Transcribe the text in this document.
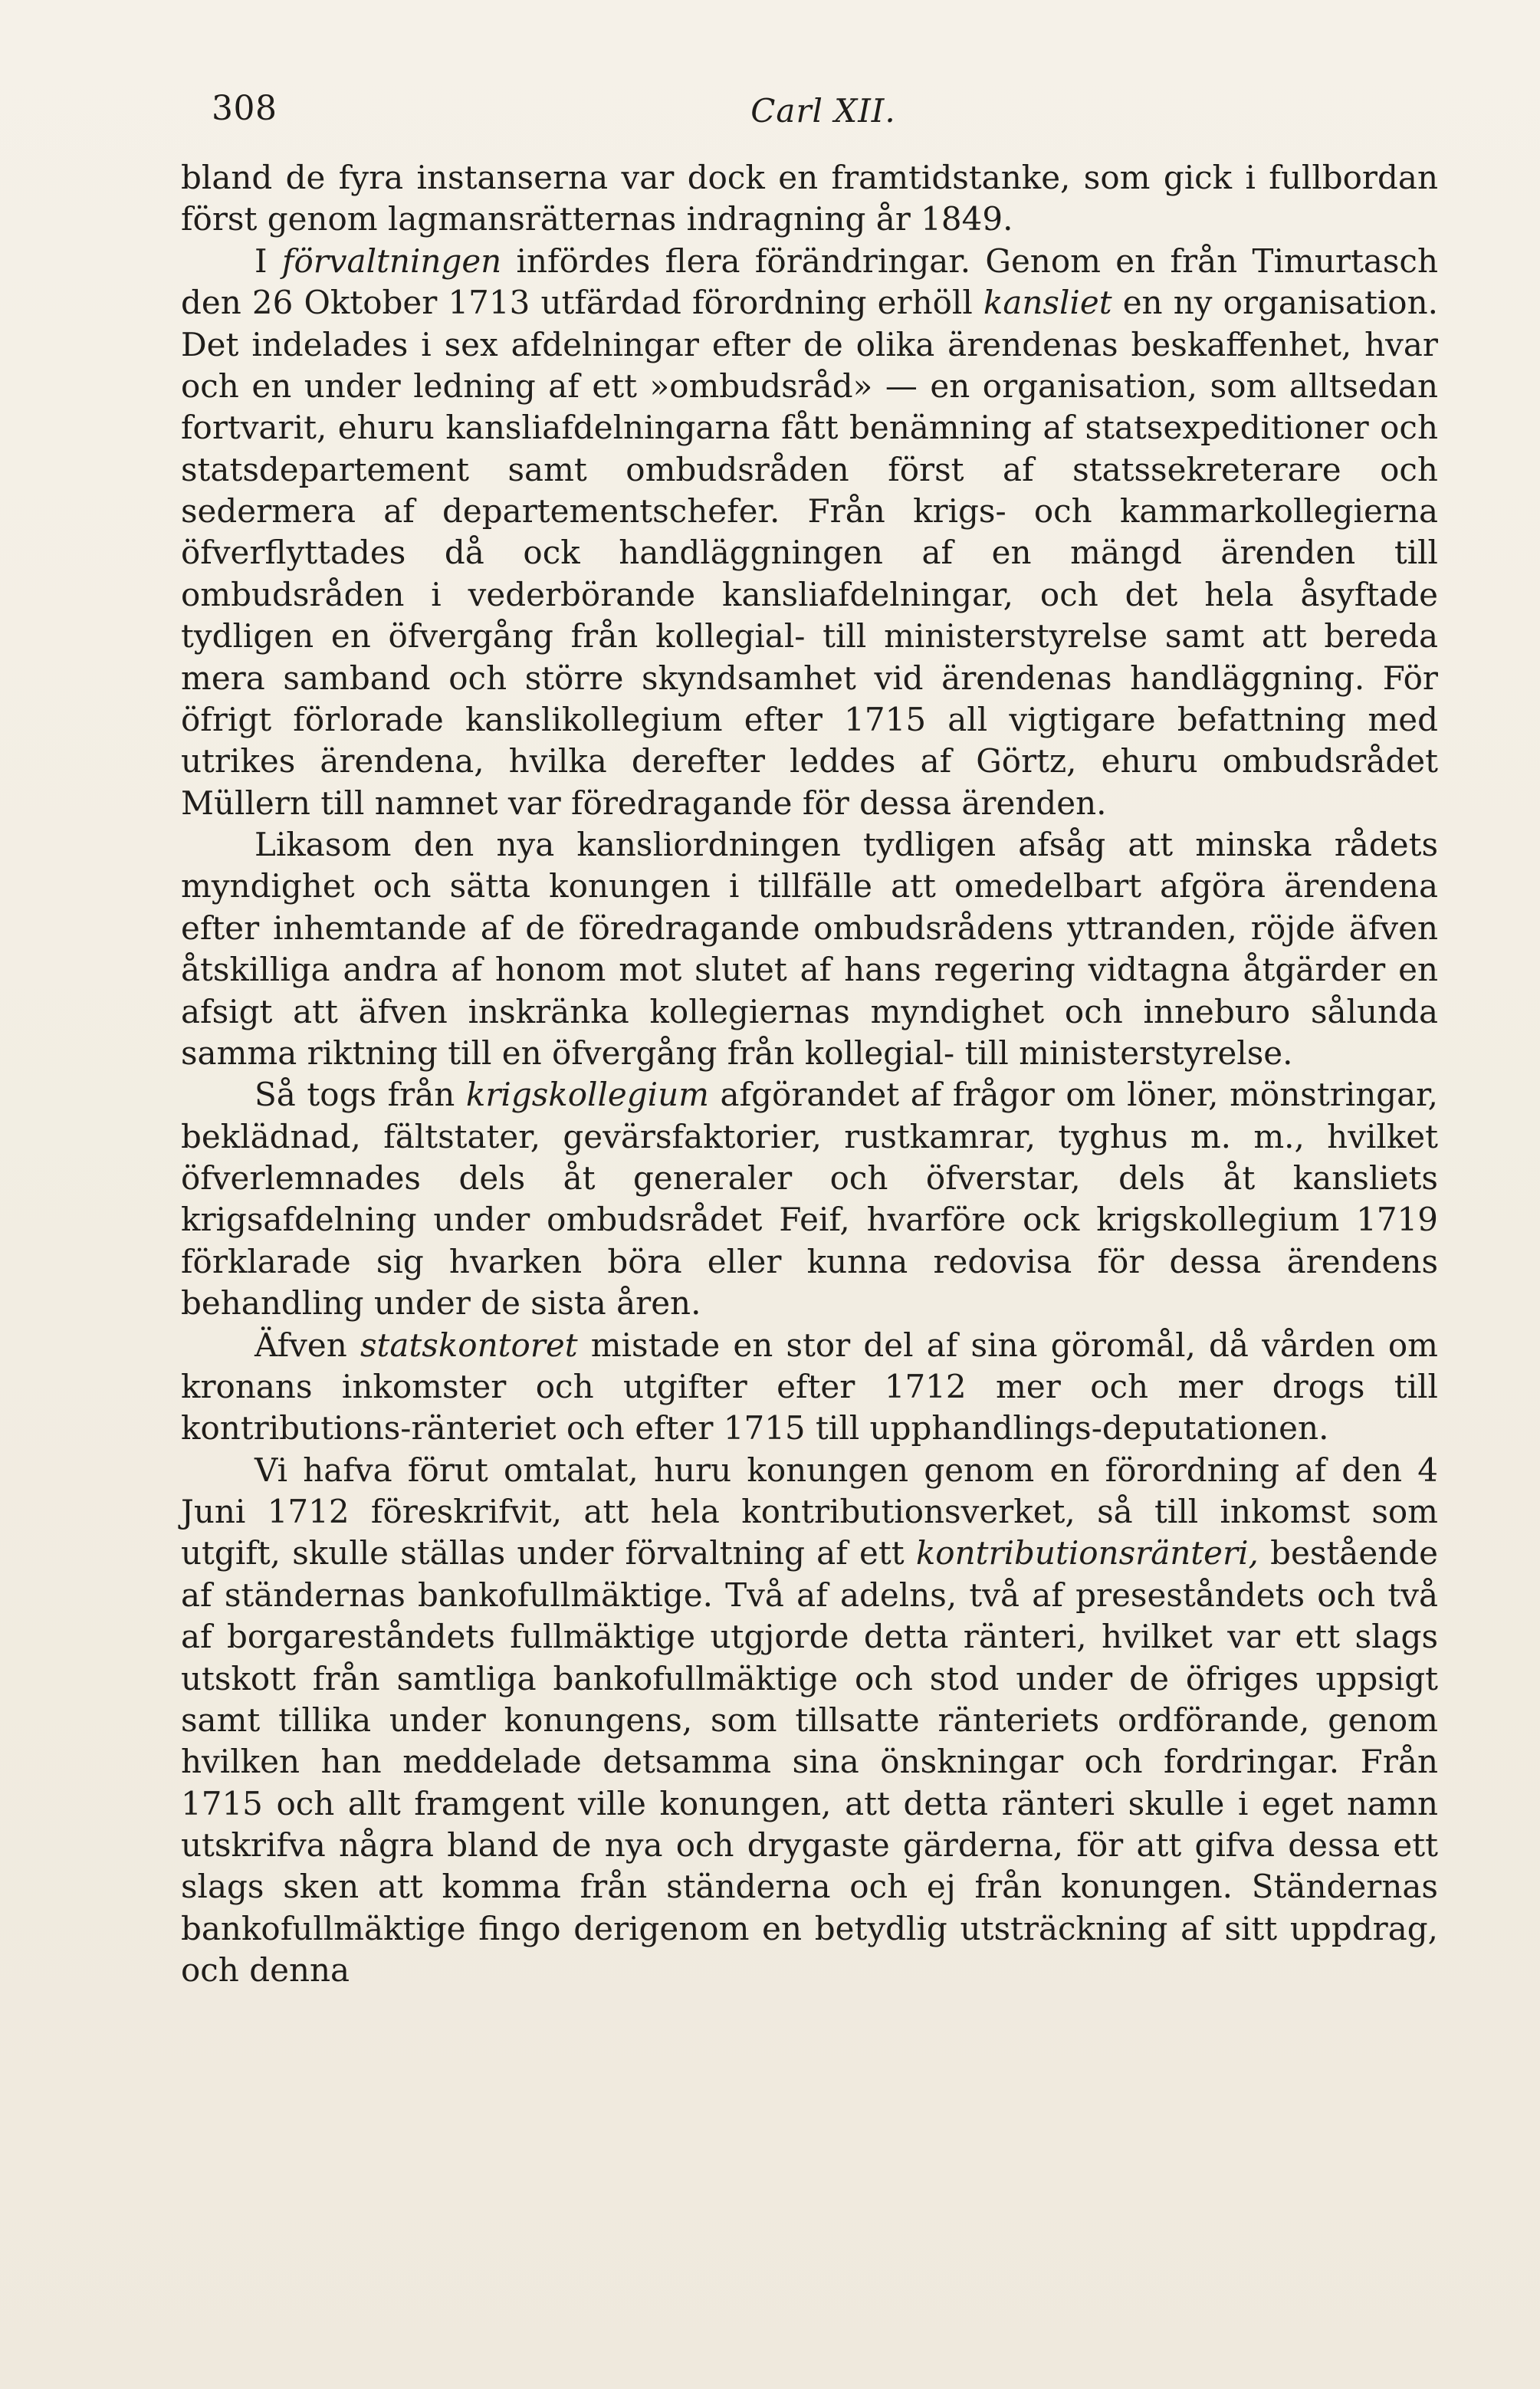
308	Carl XII.

bland de fyra instanserna var dock en framtidstanke, som gick i fullbordan först genom lagmansrätternas indragning år 1849.

I förvaltningen infördes flera förändringar. Genom en från Timurtasch den 26 Oktober 1713 utfärdad förordning erhöll kansliet en ny organisation. Det indelades i sex afdelningar efter de olika ärendenas beskaffenhet, hvar och en under ledning af ett »ombudsråd» — en organisation, som alltsedan fortvarit, ehuru kansliafdelningarna fått benämning af statsexpeditioner och statsdepartement samt ombudsråden först af statssekreterare och sedermera af departementschefer. Från krigs- och kammarkollegierna öfverflyttades då ock handläggningen af en mängd ärenden till ombudsråden i vederbörande kansliafdelningar, och det hela åsyftade tydligen en öfvergång från kollegial- till ministerstyrelse samt att bereda mera samband och större skyndsamhet vid ärendenas handläggning. För öfrigt förlorade kanslikollegium efter 1715 all vigtigare befattning med utrikes ärendena, hvilka derefter leddes af Görtz, ehuru ombudsrådet Müllern till namnet var föredragande för dessa ärenden.

Likasom den nya kansliordningen tydligen afsåg att minska rådets myndighet och sätta konungen i tillfälle att omedelbart afgöra ärendena efter inhemtande af de föredragande ombudsrådens yttranden, röjde äfven åtskilliga andra af honom mot slutet af hans regering vidtagna åtgärder en afsigt att äfven inskränka kollegiernas myndighet och inneburo sålunda samma riktning till en öfvergång från kollegial- till ministerstyrelse.

Så togs från krigskollegium afgörandet af frågor om löner, mönstringar, beklädnad, fältstater, gevärsfaktorier, rustkamrar, tyghus m. m., hvilket öfverlemnades dels åt generaler och öfverstar, dels åt kansliets krigsafdelning under ombudsrådet Feif, hvarföre ock krigskollegium 1719 förklarade sig hvarken böra eller kunna redovisa för dessa ärendens behandling under de sista åren.

Äfven statskontoret mistade en stor del af sina göromål, då vården om kronans inkomster och utgifter efter 1712 mer och mer drogs till kontributions-ränteriet och efter 1715 till upphandlings-deputationen.

Vi hafva förut omtalat, huru konungen genom en förordning af den 4 Juni 1712 föreskrifvit, att hela kontributionsverket, så till inkomst som utgift, skulle ställas under förvaltning af ett kontributionsränteri, bestående af ständernas bankofullmäktige. Två af adelns, två af preseståndets och två af borgareståndets fullmäktige utgjorde detta ränteri, hvilket var ett slags utskott från samtliga bankofullmäktige och stod under de öfriges uppsigt samt tillika under konungens, som tillsatte ränteriets ordförande, genom hvilken han meddelade detsamma sina önskningar och fordringar. Från 1715 och allt framgent ville konungen, att detta ränteri skulle i eget namn utskrifva några bland de nya och drygaste gärderna, för att gifva dessa ett slags sken att komma från ständerna och ej från konungen. Ständernas bankofullmäktige fingo derigenom en betydlig utsträckning af sitt uppdrag, och denna
